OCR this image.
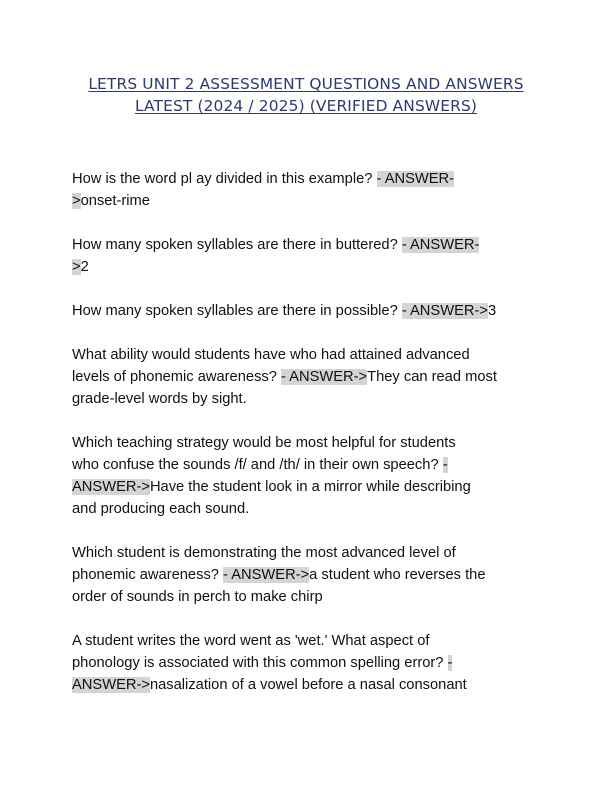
LETRS UNIT 2 ASSESSMENT QUESTIONS AND ANSWERS
LATEST (2024 / 2025) (VERIFIED ANSWERS)

How is the word pl ay divided in this example? - ANSWER-
>onset-rime

How many spoken syllables are there in buttered? - ANSWER-
>2

How many spoken syllables are there in possible? - ANSWER->3

What ability would students have who had attained advanced
levels of phonemic awareness? - ANSWER->They can read most
grade-level words by sight.

Which teaching strategy would be most helpful for students
who confuse the sounds /f/ and /th/ in their own speech? -
ANSWER->Have the student look in a mirror while describing
and producing each sound.

Which student is demonstrating the most advanced level of
phonemic awareness? - ANSWER->a student who reverses the
order of sounds in perch to make chirp

A student writes the word went as 'wet.' What aspect of
phonology is associated with this common spelling error? -
ANSWER->nasalization of a vowel before a nasal consonant
